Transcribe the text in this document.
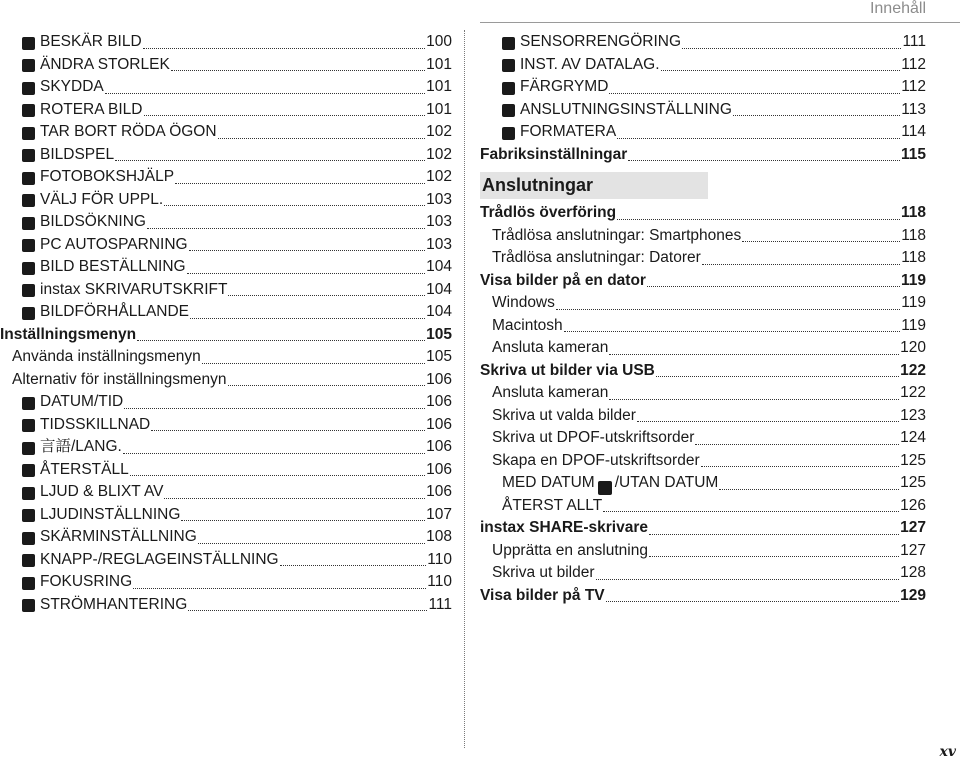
Innehåll
BESKÄR BILD	100
ÄNDRA STORLEK	101
SKYDDA	101
ROTERA BILD	101
TAR BORT RÖDA ÖGON	102
BILDSPEL	102
FOTOBOKSHJÄLP	102
VÄLJ FÖR UPPL.	103
BILDSÖKNING	103
PC AUTOSPARNING	103
BILD BESTÄLLNING	104
instax SKRIVARUTSKRIFT	104
BILDFÖRHÅLLANDE	104
Inställningsmenyn	105
Använda inställningsmenyn	105
Alternativ för inställningsmenyn	106
DATUM/TID	106
TIDSSKILLNAD	106
言語/LANG.	106
ÅTERSTÄLL	106
LJUD & BLIXT AV	106
LJUDINSTÄLLNING	107
SKÄRMINSTÄLLNING	108
KNAPP-/REGLAGEINSTÄLLNING	110
FOKUSRING	110
STRÖMHANTERING	111
SENSORRENGÖRING	111
INST. AV DATALAG.	112
FÄRGRYMD	112
ANSLUTNINGSINSTÄLLNING	113
FORMATERA	114
Fabriksinställningar	115
Anslutningar
Trådlös överföring	118
Trådlösa anslutningar: Smartphones	118
Trådlösa anslutningar: Datorer	118
Visa bilder på en dator	119
Windows	119
Macintosh	119
Ansluta kameran	120
Skriva ut bilder via USB	122
Ansluta kameran	122
Skriva ut valda bilder	123
Skriva ut DPOF-utskriftsorder	124
Skapa en DPOF-utskriftsorder	125
MED DATUM /UTAN DATUM	125
ÅTERST ALLT	126
instax SHARE-skrivare	127
Upprätta en anslutning	127
Skriva ut bilder	128
Visa bilder på TV	129
xv
